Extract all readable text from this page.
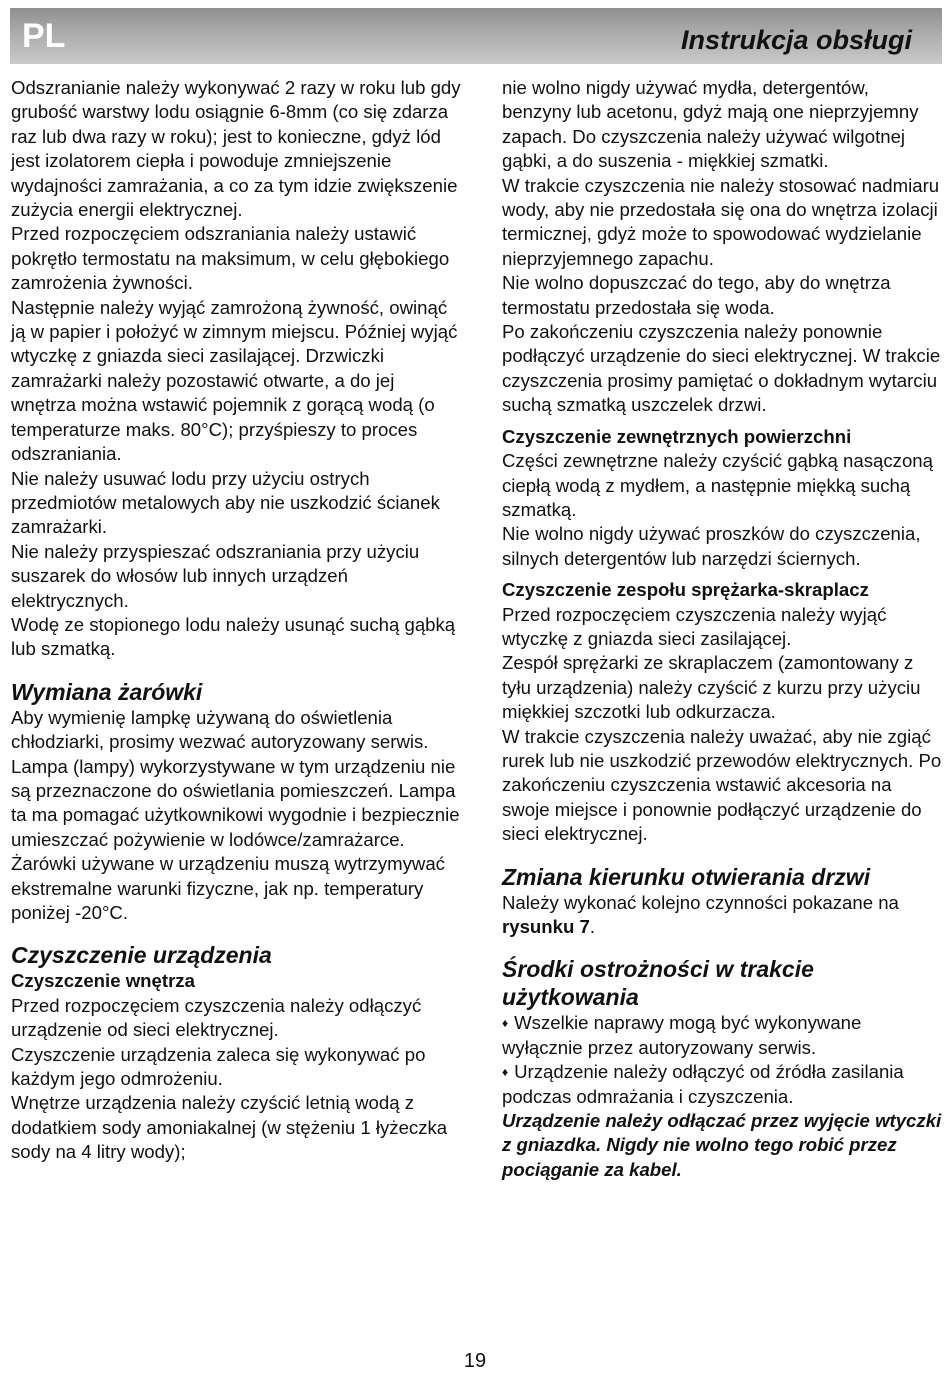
PL	Instrukcja obsługi

Odszranianie należy wykonywać 2 razy w roku lub gdy grubość warstwy lodu osiągnie 6-8mm (co się zdarza raz lub dwa razy w roku); jest to konieczne, gdyż lód jest izolatorem ciepła i powoduje zmniejszenie wydajności zamrażania, a co za tym idzie zwiększenie zużycia energii elektrycznej.

Przed rozpoczęciem odszraniania należy ustawić pokrętło termostatu na maksimum, w celu głębokiego zamrożenia żywności.

Następnie należy wyjąć zamrożoną żywność, owinąć ją w papier i położyć w zimnym miejscu. Później wyjąć wtyczkę z gniazda sieci zasilającej. Drzwiczki zamrażarki należy pozostawić otwarte, a do jej wnętrza można wstawić pojemnik z gorącą wodą (o temperaturze maks. 80°C); przyśpieszy to proces odszraniania.

Nie należy usuwać lodu przy użyciu ostrych przedmiotów metalowych aby nie uszkodzić ścianek zamrażarki.

Nie należy przyspieszać odszraniania przy użyciu suszarek do włosów lub innych urządzeń elektrycznych.

Wodę ze stopionego lodu należy usunąć suchą gąbką lub szmatką.

Wymiana żarówki

Aby wymienię lampkę używaną do oświetlenia chłodziarki, prosimy wezwać autoryzowany serwis.

Lampa (lampy) wykorzystywane w tym urządzeniu nie są przeznaczone do oświetlania pomieszczeń. Lampa ta ma pomagać użytkownikowi wygodnie i bezpiecznie umieszczać pożywienie w lodówce/zamrażarce.

Żarówki używane w urządzeniu muszą wytrzymywać ekstremalne warunki fizyczne, jak np. temperatury poniżej -20°C.

Czyszczenie urządzenia
Czyszczenie wnętrza

Przed rozpoczęciem czyszczenia należy odłączyć urządzenie od sieci elektrycznej.

Czyszczenie urządzenia zaleca się wykonywać po każdym jego odmrożeniu.

Wnętrze urządzenia należy czyścić letnią wodą z dodatkiem sody amoniakalnej (w stężeniu 1 łyżeczka sody na 4 litry wody);

nie wolno nigdy używać mydła, detergentów, benzyny lub acetonu, gdyż mają one nieprzyjemny zapach. Do czyszczenia należy używać wilgotnej gąbki, a do suszenia - miękkiej szmatki.

W trakcie czyszczenia nie należy stosować nadmiaru wody, aby nie przedostała się ona do wnętrza izolacji termicznej, gdyż może to spowodować wydzielanie nieprzyjemnego zapachu.

Nie wolno dopuszczać do tego, aby do wnętrza termostatu przedostała się woda.

Po zakończeniu czyszczenia należy ponownie podłączyć urządzenie do sieci elektrycznej. W trakcie czyszczenia prosimy pamiętać o dokładnym wytarciu suchą szmatką uszczelek drzwi.

Czyszczenie zewnętrznych powierzchni

Części zewnętrzne należy czyścić gąbką nasączoną ciepłą wodą z mydłem, a następnie miękką suchą szmatką.

Nie wolno nigdy używać proszków do czyszczenia, silnych detergentów lub narzędzi ściernych.

Czyszczenie zespołu sprężarka-skraplacz

Przed rozpoczęciem czyszczenia należy wyjąć wtyczkę z gniazda sieci zasilającej.

Zespół sprężarki ze skraplaczem (zamontowany z tyłu urządzenia) należy czyścić z kurzu przy użyciu miękkiej szczotki lub odkurzacza.

W trakcie czyszczenia należy uważać, aby nie zgiąć rurek lub nie uszkodzić przewodów elektrycznych. Po zakończeniu czyszczenia wstawić akcesoria na swoje miejsce i ponownie podłączyć urządzenie do sieci elektrycznej.

Zmiana kierunku otwierania drzwi

Należy wykonać kolejno czynności pokazane na rysunku 7.

Środki ostrożności w trakcie użytkowania

♦ Wszelkie naprawy mogą być wykonywane wyłącznie przez autoryzowany serwis.

♦ Urządzenie należy odłączyć od źródła zasilania podczas odmrażania i czyszczenia.

Urządzenie należy odłączać przez wyjęcie wtyczki z gniazdka. Nigdy nie wolno tego robić przez pociąganie za kabel.

19
